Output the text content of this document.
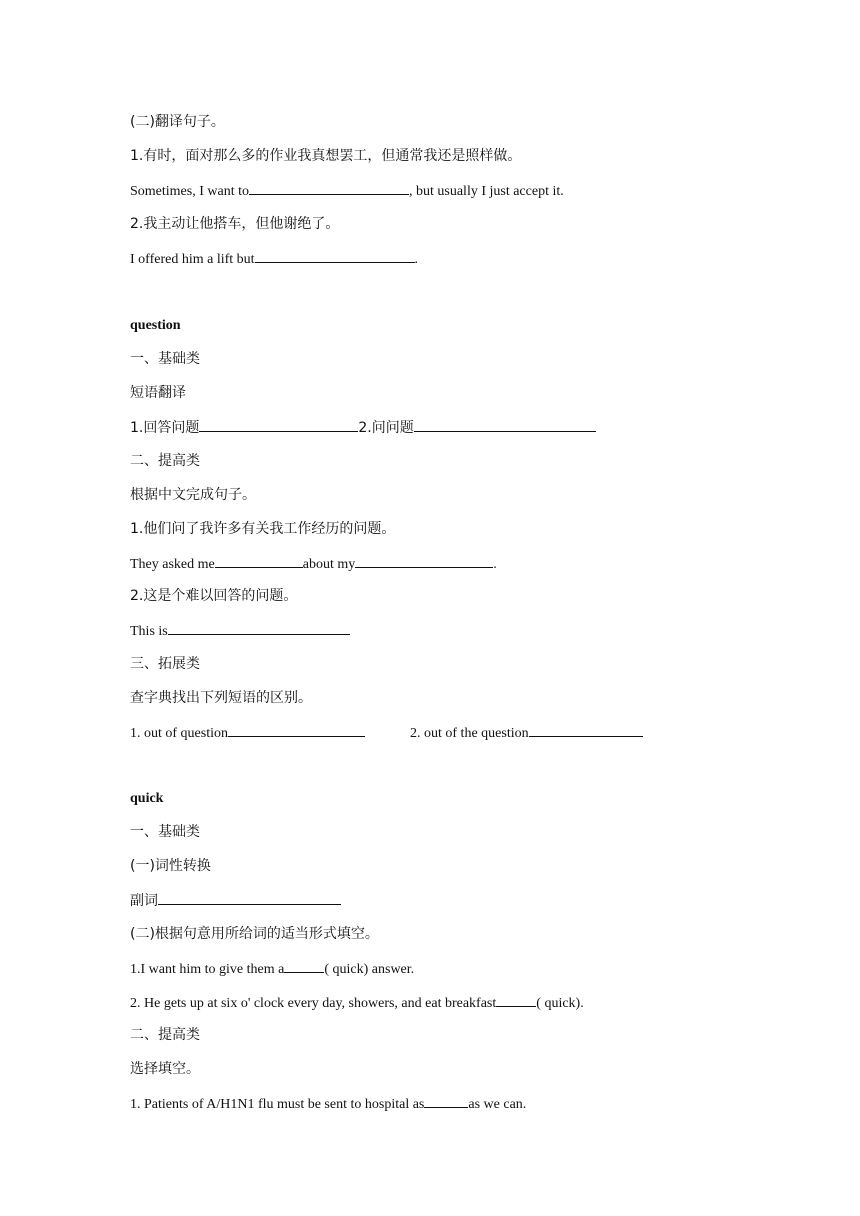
(二)翻译句子。
1.有时，面对那么多的作业我真想罢工，但通常我还是照样做。
Sometimes, I want to	, but usually I just accept it.
2.我主动让他搭车，但他谢绝了。
I offered him a lift but	.
question
一、基础类
短语翻译
1.回答问题	2.问问题
二、提高类
根据中文完成句子。
1.他们问了我许多有关我工作经历的问题。
They asked me	about my	.
2.这是个难以回答的问题。
This is
三、拓展类
查字典找出下列短语的区别。
1. out of question	2. out of the question
quick
一、基础类
(一)词性转换
副词
(二)根据句意用所给词的适当形式填空。
1.I want him to give them a	( quick) answer.
2. He gets up at six o' clock every day, showers, and eat breakfast	( quick).
二、提高类
选择填空。
1. Patients of A/H1N1 flu must be sent to hospital as	as we can.
